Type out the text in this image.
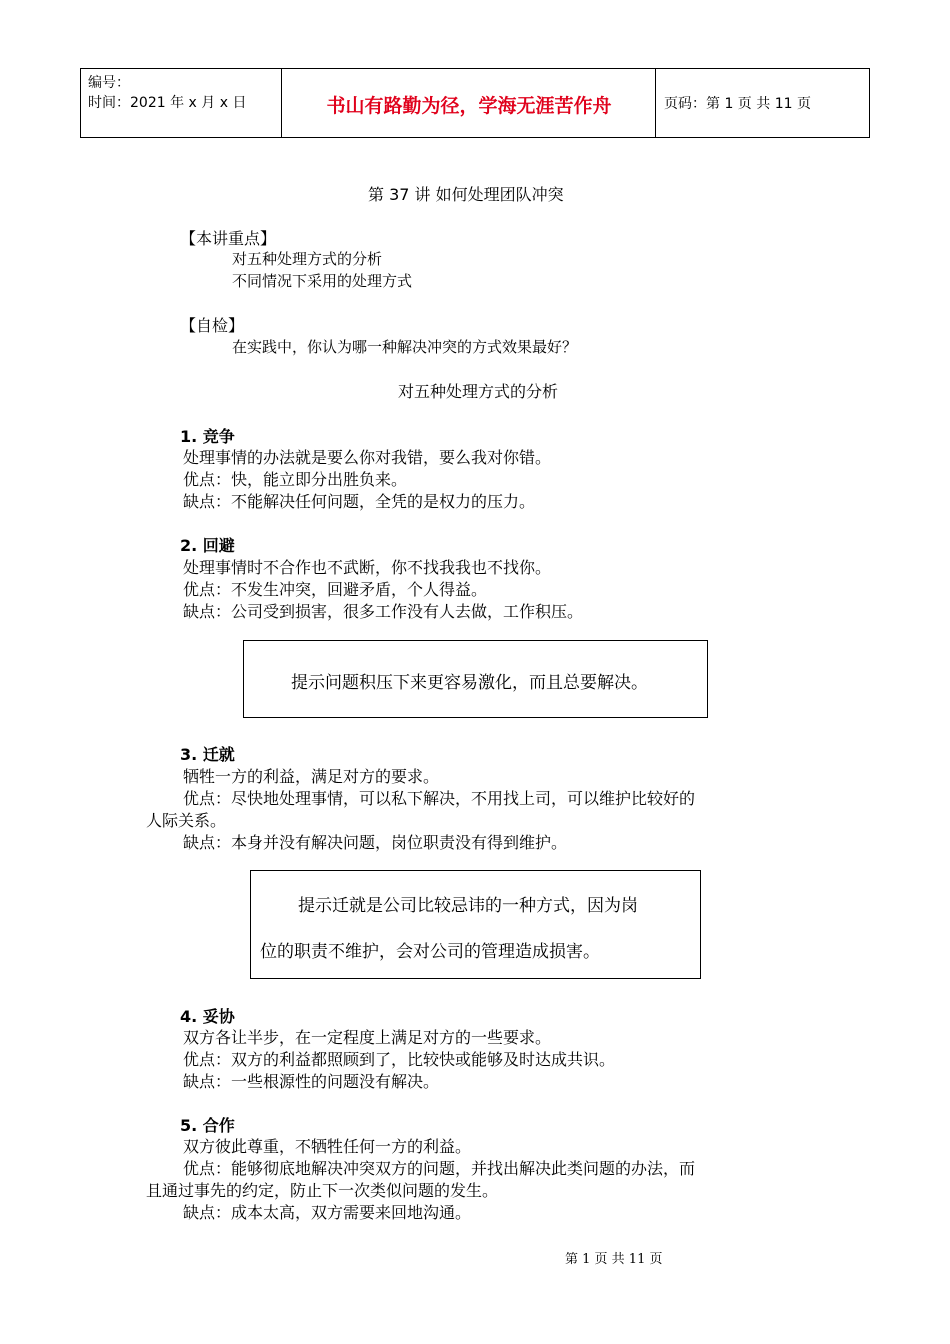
编号：
时间：2021 年 x 月 x 日	书山有路勤为径，学海无涯苦作舟	页码：第 1 页 共 11 页
第 37 讲 如何处理团队冲突
【本讲重点】
对五种处理方式的分析
不同情况下采用的处理方式
【自检】
在实践中，你认为哪一种解决冲突的方式效果最好？
对五种处理方式的分析
1. 竞争
处理事情的办法就是要么你对我错，要么我对你错。
优点：快，能立即分出胜负来。
缺点：不能解决任何问题，全凭的是权力的压力。
2. 回避
处理事情时不合作也不武断，你不找我我也不找你。
优点：不发生冲突，回避矛盾，个人得益。
缺点：公司受到损害，很多工作没有人去做，工作积压。
提示问题积压下来更容易激化，而且总要解决。
3. 迁就
牺牲一方的利益，满足对方的要求。
优点：尽快地处理事情，可以私下解决，不用找上司，可以维护比较好的
人际关系。
缺点：本身并没有解决问题，岗位职责没有得到维护。
提示迁就是公司比较忌讳的一种方式，因为岗
位的职责不维护，会对公司的管理造成损害。
4. 妥协
双方各让半步，在一定程度上满足对方的一些要求。
优点：双方的利益都照顾到了，比较快或能够及时达成共识。
缺点：一些根源性的问题没有解决。
5. 合作
双方彼此尊重，不牺牲任何一方的利益。
优点：能够彻底地解决冲突双方的问题，并找出解决此类问题的办法，而
且通过事先的约定，防止下一次类似问题的发生。
缺点：成本太高，双方需要来回地沟通。
第 1 页 共 11 页
